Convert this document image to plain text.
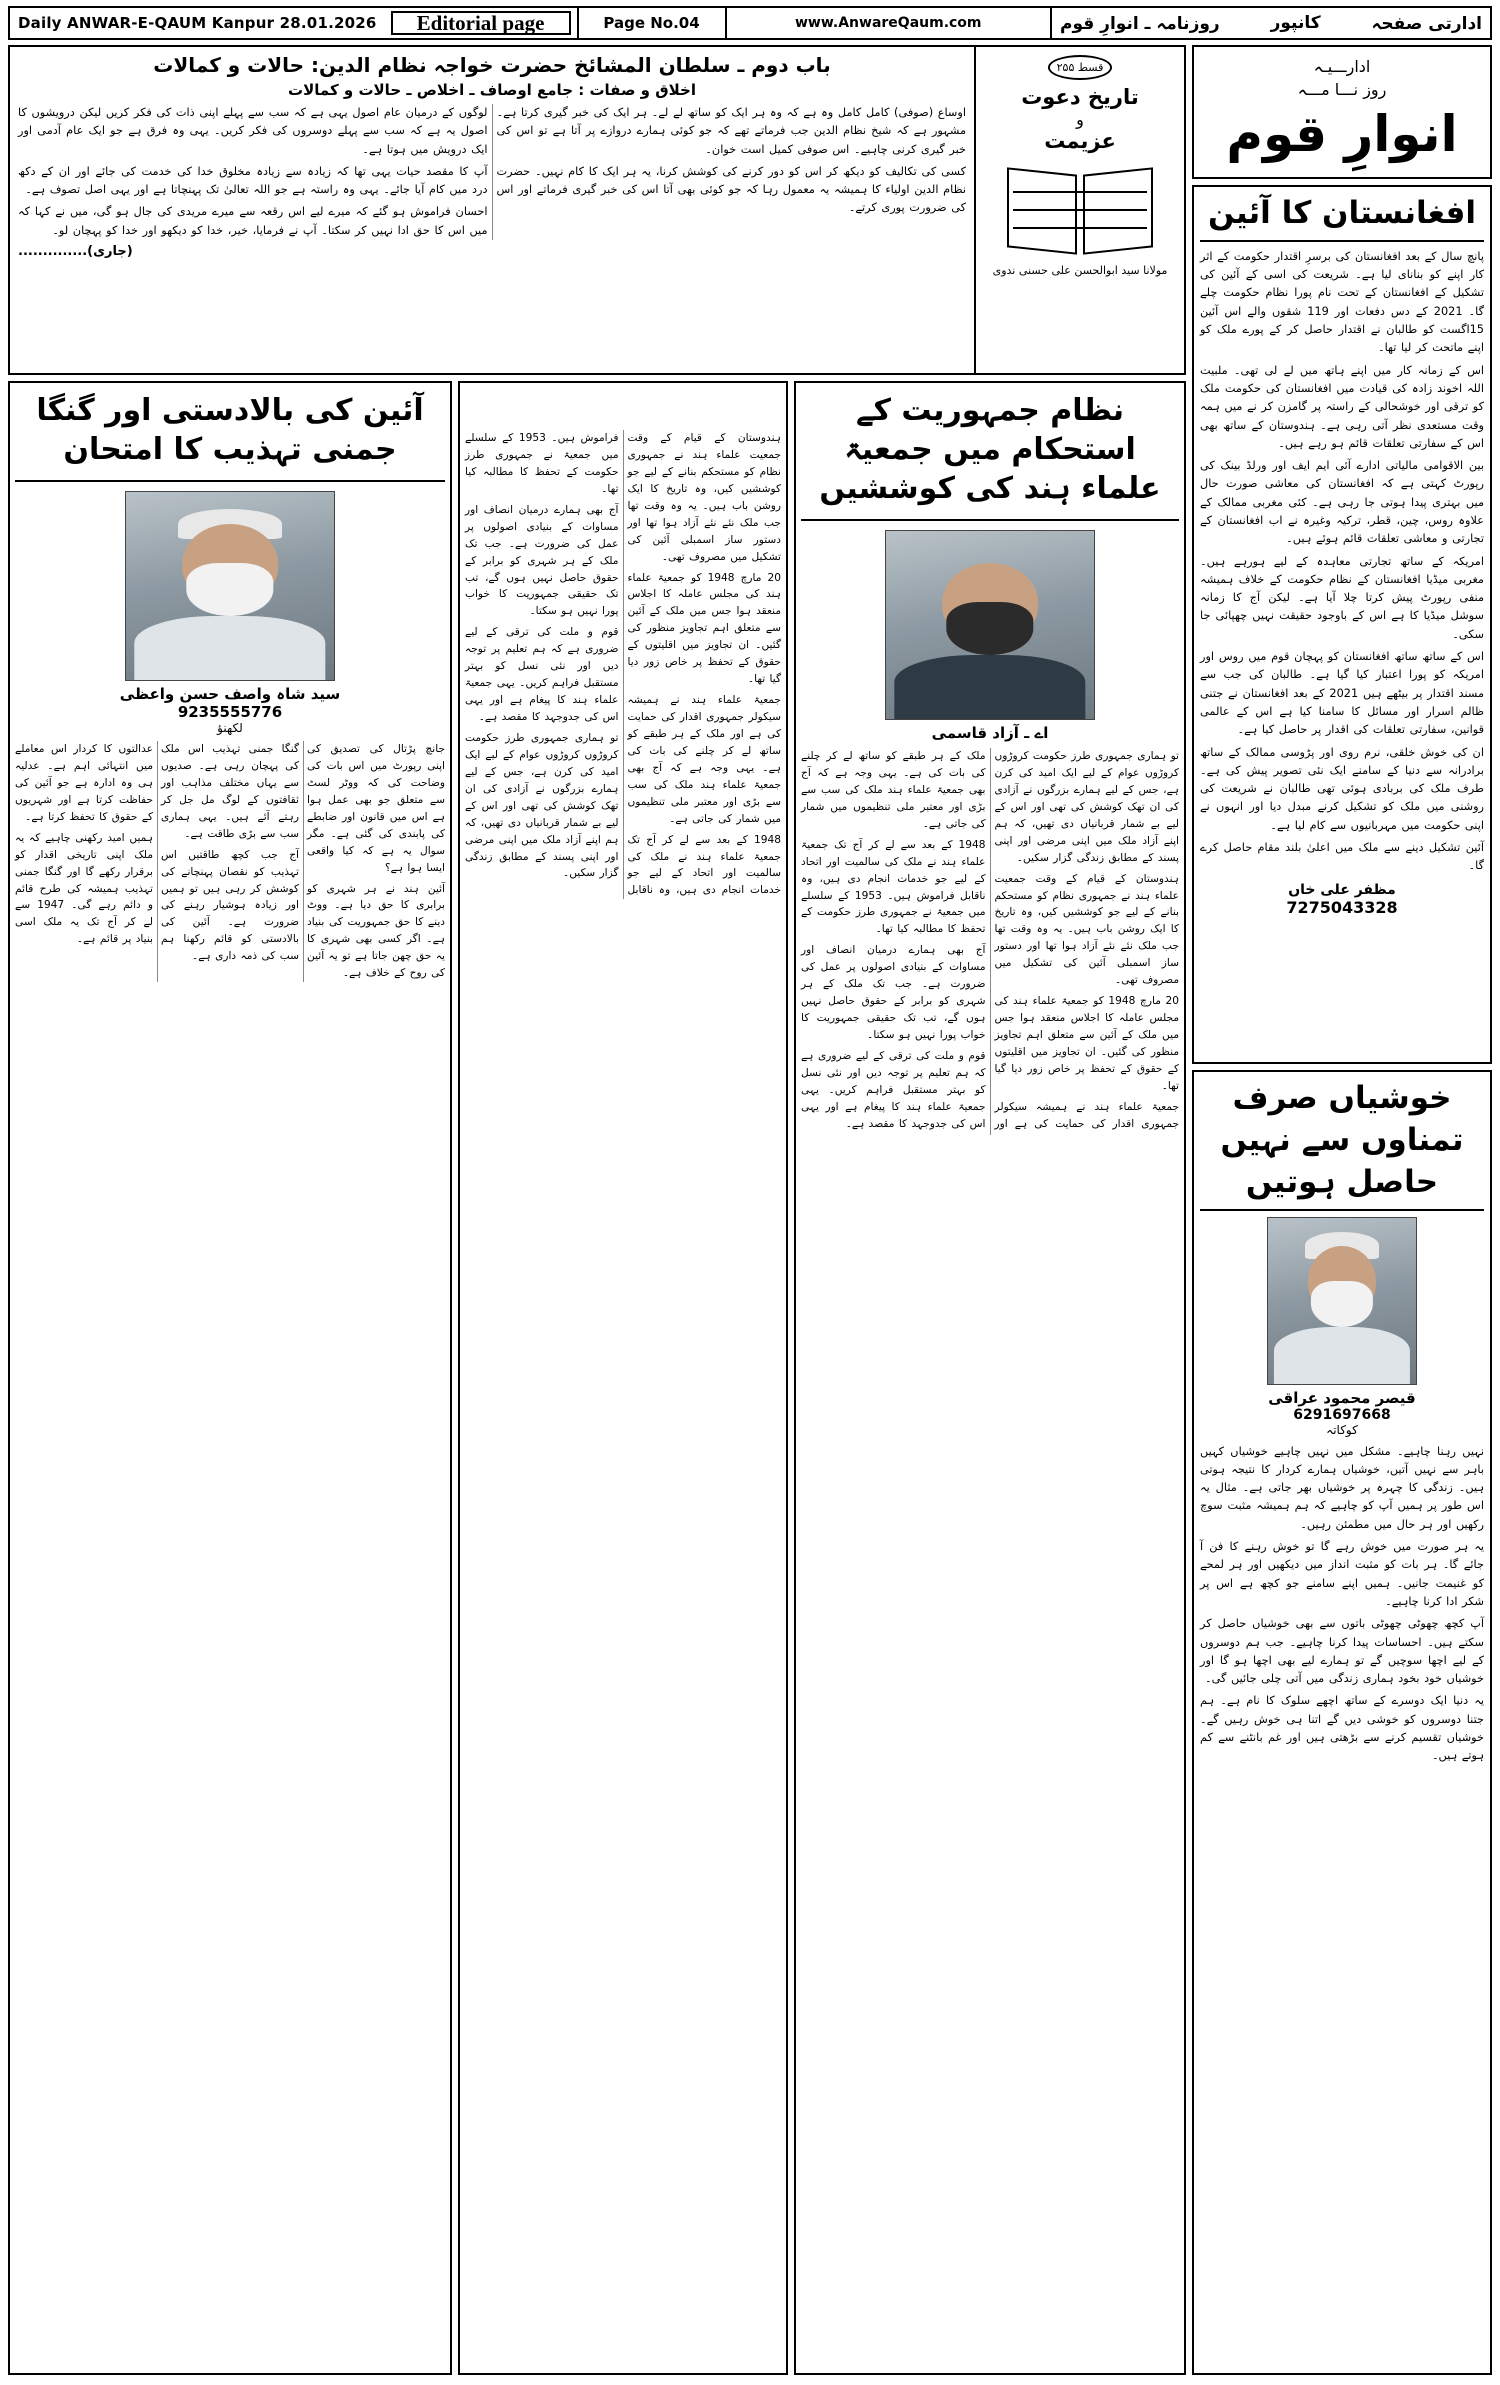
Daily ANWAR-E-QAUM Kanpur 28.01.2026	Editorial page	Page No.04	www.AnwareQaum.com	ادارتی صفحہ
کانپور
روزنامہ ـ انوارِ قوم
ادارـــیـہ
روز نـــا مـــہ
انوارِ قوم
افغانستان کا آئین

پانچ سال کے بعد افغانستان کی برسرِ اقتدار حکومت کے اثر کار اپنے کو بنانای لیا ہے۔ شریعت کی اسی کے آئین کی تشکیل کے افغانستان کے تحت نام پورا نظام حکومت چلے گا۔ 2021 کے دس دفعات اور 119 شقوں والے اس آئین 15اگست کو طالبان نے اقتدار حاصل کر کے پورے ملک کو اپنے ماتحت کر لیا تھا۔

اس کے زمانہ کار میں اپنے ہاتھ میں لے لی تھی۔ ملبیت اللہ اخوند زادہ کی قیادت میں افغانستان کی حکومت ملک کو ترقی اور خوشحالی کے راستہ پر گامزن کر نے میں ہمہ وقت مستعدی نظر آتی رہی ہے۔ ہندوستان کے ساتھ بھی اس کے سفارتی تعلقات قائم ہو رہے ہیں۔

بین الاقوامی مالیاتی ادارے آئی ایم ایف اور ورلڈ بینک کی رپورٹ کہتی ہے کہ افغانستان کی معاشی صورت حال میں بہتری پیدا ہوتی جا رہی ہے۔ کئی مغربی ممالک کے علاوہ روس، چین، قطر، ترکیہ وغیرہ نے اب افغانستان کے تجارتی و معاشی تعلقات قائم ہوئے ہیں۔

امریکہ کے ساتھ تجارتی معاہدہ کے لیے ہورہے ہیں۔ مغربی میڈیا افغانستان کے نظام حکومت کے خلاف ہمیشہ منفی رپورٹ پیش کرتا چلا آیا ہے۔ لیکن آج کا زمانہ سوشل میڈیا کا ہے اس کے باوجود حقیقت نہیں چھپائی جا سکی۔

اس کے ساتھ ساتھ افغانستان کو پہچان قوم میں روس اور امریکہ کو پورا اعتبار کیا گیا ہے۔ طالبان کی جب سے مسند اقتدار پر بیٹھے ہیں 2021 کے بعد افغانستان نے جتنی ظالم اسرار اور مسائل کا سامنا کیا ہے اس کے عالمی قوانین، سفارتی تعلقات کی اقدار پر حاصل کیا ہے۔

ان کی خوش خلقی، نرم روی اور پڑوسی ممالک کے ساتھ برادرانہ سے دنیا کے سامنے ایک نئی تصویر پیش کی ہے۔ طرف ملک کی بربادی ہوئی تھی طالبان نے شریعت کی روشنی میں ملک کو تشکیل کرنے مبدل دیا اور انہوں نے اپنی حکومت میں مہربانیوں سے کام لیا ہے۔

آئین تشکیل دینے سے ملک میں اعلیٰ بلند مقام حاصل کرے گا۔

مظفر علی خاں
7275043328
خوشیاں صرف تمناوں سے نہیں حاصل ہوتیں
قیصر محمود عراقی
6291697668
کوکاتہ

نہیں رہنا چاہیے۔ مشکل میں نہیں چاہیے خوشیاں کہیں باہر سے نہیں آتیں، خوشیاں ہمارے کردار کا نتیجہ ہوتی ہیں۔ زندگی کا چہرہ پر خوشیاں بھر جاتی ہے۔ مثال یہ اس طور پر ہمیں آپ کو چاہیے کہ ہم ہمیشہ مثبت سوچ رکھیں اور ہر حال میں مطمئن رہیں۔

یہ ہر صورت میں خوش رہے گا تو خوش رہنے کا فن آ جائے گا۔ ہر بات کو مثبت انداز میں دیکھیں اور ہر لمحے کو غنیمت جانیں۔ ہمیں اپنے سامنے جو کچھ ہے اس پر شکر ادا کرنا چاہیے۔

آپ کچھ چھوٹی چھوٹی باتوں سے بھی خوشیاں حاصل کر سکتے ہیں۔ احساسات پیدا کرنا چاہیے۔ جب ہم دوسروں کے لیے اچھا سوچیں گے تو ہمارے لیے بھی اچھا ہو گا اور خوشیاں خود بخود ہماری زندگی میں آتی چلی جائیں گی۔

یہ دنیا ایک دوسرے کے ساتھ اچھے سلوک کا نام ہے۔ ہم جتنا دوسروں کو خوشی دیں گے اتنا ہی خوش رہیں گے۔ خوشیاں تقسیم کرنے سے بڑھتی ہیں اور غم بانٹنے سے کم ہوتے ہیں۔

قسط ۲۵۵
تاریخ دعوت
و
عزیمت
مولانا سید ابوالحسن علی حسنی ندوی
باب دوم ـ سلطان المشائخ حضرت خواجہ نظام الدین: حالات و کمالات
اخلاق و صفات : جامع اوصاف ـ اخلاص ـ حالات و کمالات

اوساع (صوفی) کامل کامل وہ ہے کہ وہ ہر ایک کو ساتھ لے لے۔ ہر ایک کی خبر گیری کرتا ہے۔ مشہور ہے کہ شیخ نظام الدین جب فرماتے تھے کہ جو کوئی ہمارے دروازے پر آتا ہے تو اس کی خبر گیری کرنی چاہیے۔ اس صوفی کمیل است خوان۔

کسی کی تکالیف کو دیکھ کر اس کو دور کرنے کی کوشش کرنا، یہ ہر ایک کا کام نہیں۔ حضرت نظام الدین اولیاء کا ہمیشہ یہ معمول رہا کہ جو کوئی بھی آتا اس کی خبر گیری فرماتے اور اس کی ضرورت پوری کرتے۔

لوگوں کے درمیان عام اصول یہی ہے کہ سب سے پہلے اپنی ذات کی فکر کریں لیکن درویشوں کا اصول یہ ہے کہ سب سے پہلے دوسروں کی فکر کریں۔ یہی وہ فرق ہے جو ایک عام آدمی اور ایک درویش میں ہوتا ہے۔

آپ کا مقصد حیات یہی تھا کہ زیادہ سے زیادہ مخلوق خدا کی خدمت کی جائے اور ان کے دکھ درد میں کام آیا جائے۔ یہی وہ راستہ ہے جو اللہ تعالیٰ تک پہنچاتا ہے اور یہی اصل تصوف ہے۔

احسان فراموش ہو گئے کہ میرے لیے اس رقعہ سے میرے مریدی کی جال ہو گی، میں نے کہا کہ میں اس کا حق ادا نہیں کر سکتا۔ آپ نے فرمایا، خیر، خدا کو دیکھو اور خدا کو پہچان لو۔

(جاری)..............
نظام جمہوریت کے استحکام میں جمعیۃ علماء ہند کی کوششیں
اے ـ آزاد قاسمی

تو ہماری جمہوری طرز حکومت کروڑوں کروڑوں عوام کے لیے ایک امید کی کرن ہے، جس کے لیے ہمارے بزرگوں نے آزادی کی ان تھک کوشش کی تھی اور اس کے لیے بے شمار قربانیاں دی تھیں، کہ ہم اپنے آزاد ملک میں اپنی مرضی اور اپنی پسند کے مطابق زندگی گزار سکیں۔

ہندوستان کے قیام کے وقت جمعیت علماء ہند نے جمہوری نظام کو مستحکم بنانے کے لیے جو کوششیں کیں، وہ تاریخ کا ایک روشن باب ہیں۔ یہ وہ وقت تھا جب ملک نئے نئے آزاد ہوا تھا اور دستور ساز اسمبلی آئین کی تشکیل میں مصروف تھی۔

20 مارچ 1948 کو جمعیۃ علماء ہند کی مجلس عاملہ کا اجلاس منعقد ہوا جس میں ملک کے آئین سے متعلق اہم تجاویز منظور کی گئیں۔ ان تجاویز میں اقلیتوں کے حقوق کے تحفظ پر خاص زور دیا گیا تھا۔

جمعیۃ علماء ہند نے ہمیشہ سیکولر جمہوری اقدار کی حمایت کی ہے اور ملک کے ہر طبقے کو ساتھ لے کر چلنے کی بات کی ہے۔ یہی وجہ ہے کہ آج بھی جمعیۃ علماء ہند ملک کی سب سے بڑی اور معتبر ملی تنظیموں میں شمار کی جاتی ہے۔

1948 کے بعد سے لے کر آج تک جمعیۃ علماء ہند نے ملک کی سالمیت اور اتحاد کے لیے جو خدمات انجام دی ہیں، وہ ناقابل فراموش ہیں۔ 1953 کے سلسلے میں جمعیۃ نے جمہوری طرز حکومت کے تحفظ کا مطالبہ کیا تھا۔

آج بھی ہمارے درمیان انصاف اور مساوات کے بنیادی اصولوں پر عمل کی ضرورت ہے۔ جب تک ملک کے ہر شہری کو برابر کے حقوق حاصل نہیں ہوں گے، تب تک حقیقی جمہوریت کا خواب پورا نہیں ہو سکتا۔

قوم و ملت کی ترقی کے لیے ضروری ہے کہ ہم تعلیم پر توجہ دیں اور نئی نسل کو بہتر مستقبل فراہم کریں۔ یہی جمعیۃ علماء ہند کا پیغام ہے اور یہی اس کی جدوجہد کا مقصد ہے۔

ہندوستان کے قیام کے وقت جمعیت علماء ہند نے جمہوری نظام کو مستحکم بنانے کے لیے جو کوششیں کیں، وہ تاریخ کا ایک روشن باب ہیں۔ یہ وہ وقت تھا جب ملک نئے نئے آزاد ہوا تھا اور دستور ساز اسمبلی آئین کی تشکیل میں مصروف تھی۔

20 مارچ 1948 کو جمعیۃ علماء ہند کی مجلس عاملہ کا اجلاس منعقد ہوا جس میں ملک کے آئین سے متعلق اہم تجاویز منظور کی گئیں۔ ان تجاویز میں اقلیتوں کے حقوق کے تحفظ پر خاص زور دیا گیا تھا۔

جمعیۃ علماء ہند نے ہمیشہ سیکولر جمہوری اقدار کی حمایت کی ہے اور ملک کے ہر طبقے کو ساتھ لے کر چلنے کی بات کی ہے۔ یہی وجہ ہے کہ آج بھی جمعیۃ علماء ہند ملک کی سب سے بڑی اور معتبر ملی تنظیموں میں شمار کی جاتی ہے۔

1948 کے بعد سے لے کر آج تک جمعیۃ علماء ہند نے ملک کی سالمیت اور اتحاد کے لیے جو خدمات انجام دی ہیں، وہ ناقابل فراموش ہیں۔ 1953 کے سلسلے میں جمعیۃ نے جمہوری طرز حکومت کے تحفظ کا مطالبہ کیا تھا۔

آج بھی ہمارے درمیان انصاف اور مساوات کے بنیادی اصولوں پر عمل کی ضرورت ہے۔ جب تک ملک کے ہر شہری کو برابر کے حقوق حاصل نہیں ہوں گے، تب تک حقیقی جمہوریت کا خواب پورا نہیں ہو سکتا۔

قوم و ملت کی ترقی کے لیے ضروری ہے کہ ہم تعلیم پر توجہ دیں اور نئی نسل کو بہتر مستقبل فراہم کریں۔ یہی جمعیۃ علماء ہند کا پیغام ہے اور یہی اس کی جدوجہد کا مقصد ہے۔

تو ہماری جمہوری طرز حکومت کروڑوں کروڑوں عوام کے لیے ایک امید کی کرن ہے، جس کے لیے ہمارے بزرگوں نے آزادی کی ان تھک کوشش کی تھی اور اس کے لیے بے شمار قربانیاں دی تھیں، کہ ہم اپنے آزاد ملک میں اپنی مرضی اور اپنی پسند کے مطابق زندگی گزار سکیں۔

آئین کی بالادستی اور گنگا جمنی تہذیب کا امتحان
سید شاہ واصف حسن واعظی
9235555776
لکھنؤ

جانچ پڑتال کی تصدیق کی اپنی رپورٹ میں اس بات کی وضاحت کی کہ ووٹر لسٹ سے متعلق جو بھی عمل ہوا ہے اس میں قانون اور ضابطے کی پابندی کی گئی ہے۔ مگر سوال یہ ہے کہ کیا واقعی ایسا ہوا ہے؟

آئین ہند نے ہر شہری کو برابری کا حق دیا ہے۔ ووٹ دینے کا حق جمہوریت کی بنیاد ہے۔ اگر کسی بھی شہری کا یہ حق چھن جاتا ہے تو یہ آئین کی روح کے خلاف ہے۔

گنگا جمنی تہذیب اس ملک کی پہچان رہی ہے۔ صدیوں سے یہاں مختلف مذاہب اور ثقافتوں کے لوگ مل جل کر رہتے آئے ہیں۔ یہی ہماری سب سے بڑی طاقت ہے۔

آج جب کچھ طاقتیں اس تہذیب کو نقصان پہنچانے کی کوشش کر رہی ہیں تو ہمیں اور زیادہ ہوشیار رہنے کی ضرورت ہے۔ آئین کی بالادستی کو قائم رکھنا ہم سب کی ذمہ داری ہے۔

عدالتوں کا کردار اس معاملے میں انتہائی اہم ہے۔ عدلیہ ہی وہ ادارہ ہے جو آئین کی حفاظت کرتا ہے اور شہریوں کے حقوق کا تحفظ کرتا ہے۔

ہمیں امید رکھنی چاہیے کہ یہ ملک اپنی تاریخی اقدار کو برقرار رکھے گا اور گنگا جمنی تہذیب ہمیشہ کی طرح قائم و دائم رہے گی۔ 1947 سے لے کر آج تک یہ ملک اسی بنیاد پر قائم ہے۔
